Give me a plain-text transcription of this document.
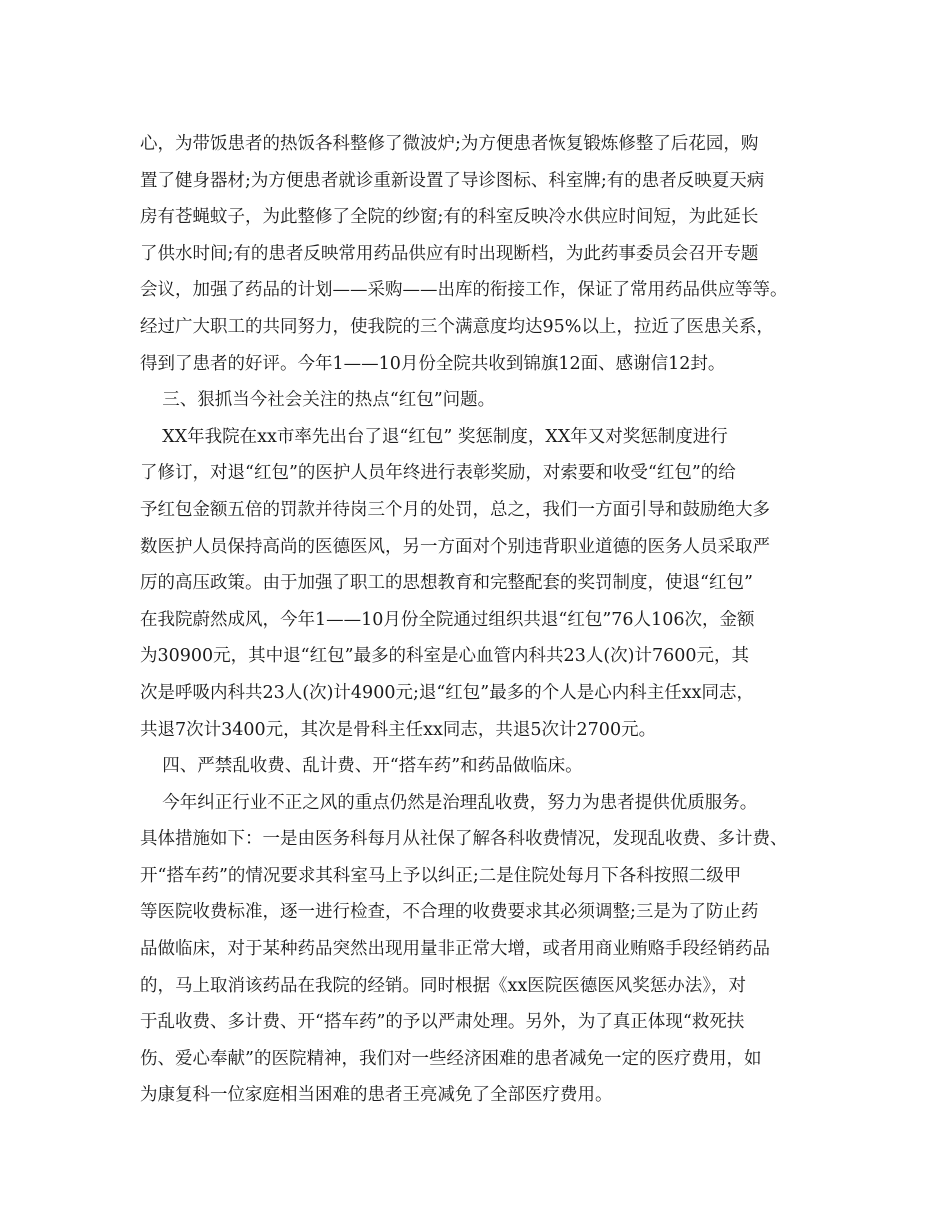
心，为带饭患者的热饭各科整修了微波炉;为方便患者恢复锻炼修整了后花园，购
置了健身器材;为方便患者就诊重新设置了导诊图标、科室牌;有的患者反映夏天病
房有苍蝇蚊子，为此整修了全院的纱窗;有的科室反映冷水供应时间短，为此延长
了供水时间;有的患者反映常用药品供应有时出现断档，为此药事委员会召开专题
会议，加强了药品的计划——采购——出库的衔接工作，保证了常用药品供应等等。
经过广大职工的共同努力，使我院的三个满意度均达95%以上，拉近了医患关系，
得到了患者的好评。今年1——10月份全院共收到锦旗12面、感谢信12封。
三、狠抓当今社会关注的热点“红包”问题。
XX年我院在xx市率先出台了退“红包” 奖惩制度，XX年又对奖惩制度进行
了修订，对退“红包”的医护人员年终进行表彰奖励，对索要和收受“红包”的给
予红包金额五倍的罚款并待岗三个月的处罚，总之，我们一方面引导和鼓励绝大多
数医护人员保持高尚的医德医风，另一方面对个别违背职业道德的医务人员采取严
厉的高压政策。由于加强了职工的思想教育和完整配套的奖罚制度，使退“红包”
在我院蔚然成风，今年1——10月份全院通过组织共退“红包”76人106次，金额
为30900元，其中退“红包”最多的科室是心血管内科共23人(次)计7600元，其
次是呼吸内科共23人(次)计4900元;退“红包”最多的个人是心内科主任xx同志，
共退7次计3400元，其次是骨科主任xx同志，共退5次计2700元。
四、严禁乱收费、乱计费、开“搭车药”和药品做临床。
今年纠正行业不正之风的重点仍然是治理乱收费，努力为患者提供优质服务。
具体措施如下：一是由医务科每月从社保了解各科收费情况，发现乱收费、多计费、
开“搭车药”的情况要求其科室马上予以纠正;二是住院处每月下各科按照二级甲
等医院收费标准，逐一进行检查，不合理的收费要求其必须调整;三是为了防止药
品做临床，对于某种药品突然出现用量非正常大增，或者用商业贿赂手段经销药品
的，马上取消该药品在我院的经销。同时根据《xx医院医德医风奖惩办法》，对
于乱收费、多计费、开“搭车药”的予以严肃处理。另外，为了真正体现“救死扶
伤、爱心奉献”的医院精神，我们对一些经济困难的患者减免一定的医疗费用，如
为康复科一位家庭相当困难的患者王亮减免了全部医疗费用。
